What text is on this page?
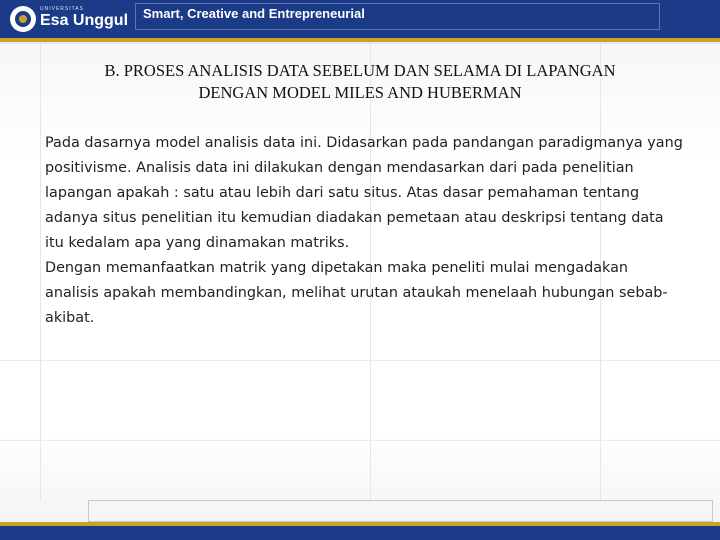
UNIVERSITAS
Esa Unggul Smart, Creative and Entrepreneurial
B. PROSES ANALISIS DATA SEBELUM DAN SELAMA DI LAPANGAN
DENGAN MODEL MILES AND HUBERMAN

Pada dasarnya model analisis data ini. Didasarkan pada pandangan paradigmanya yang positivisme. Analisis data ini dilakukan dengan mendasarkan dari pada penelitian lapangan apakah : satu atau lebih dari satu situs. Atas dasar pemahaman tentang adanya situs penelitian itu kemudian diadakan pemetaan atau deskripsi tentang data itu kedalam apa yang dinamakan matriks.

Dengan memanfaatkan matrik yang dipetakan maka peneliti mulai mengadakan analisis apakah membandingkan, melihat urutan ataukah menelaah hubungan sebab-akibat.
